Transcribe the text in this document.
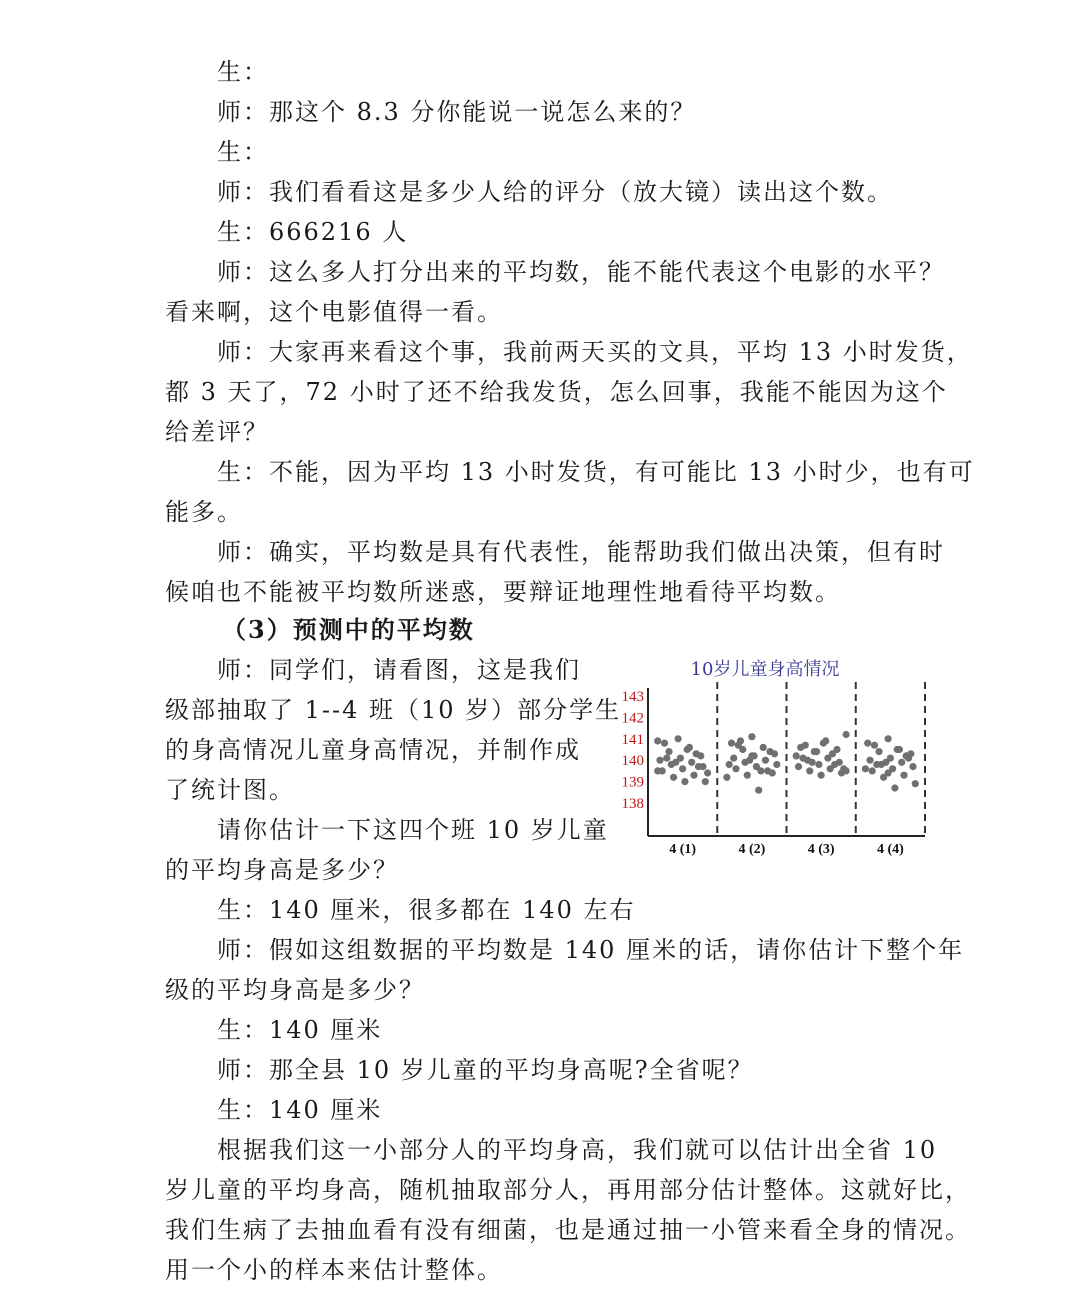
生：

师：那这个 8.3 分你能说一说怎么来的？

生：

师：我们看看这是多少人给的评分（放大镜）读出这个数。

生：666216 人

师：这么多人打分出来的平均数，能不能代表这个电影的水平？

看来啊，这个电影值得一看。

师：大家再来看这个事，我前两天买的文具，平均 13 小时发货，

都 3 天了，72 小时了还不给我发货，怎么回事，我能不能因为这个

给差评？

生：不能，因为平均 13 小时发货，有可能比 13 小时少，也有可

能多。

师：确实，平均数是具有代表性，能帮助我们做出决策，但有时

候咱也不能被平均数所迷惑，要辩证地理性地看待平均数。

（3）预测中的平均数

师：同学们，请看图，这是我们

级部抽取了 1--4 班（10 岁）部分学生

的身高情况儿童身高情况，并制作成

了统计图。

请你估计一下这四个班 10 岁儿童

的平均身高是多少？

生：140 厘米，很多都在 140 左右

师：假如这组数据的平均数是 140 厘米的话，请你估计下整个年

级的平均身高是多少？

生：140 厘米

师：那全县 10 岁儿童的平均身高呢?全省呢？

生：140 厘米

根据我们这一小部分人的平均身高，我们就可以估计出全省 10

岁儿童的平均身高，随机抽取部分人，再用部分估计整体。这就好比，

我们生病了去抽血看有没有细菌，也是通过抽一小管来看全身的情况。

用一个小的样本来估计整体。

10岁儿童身高情况
143
142
141
140
139
138
4 (1)	4 (2)	4 (3)	4 (4)
